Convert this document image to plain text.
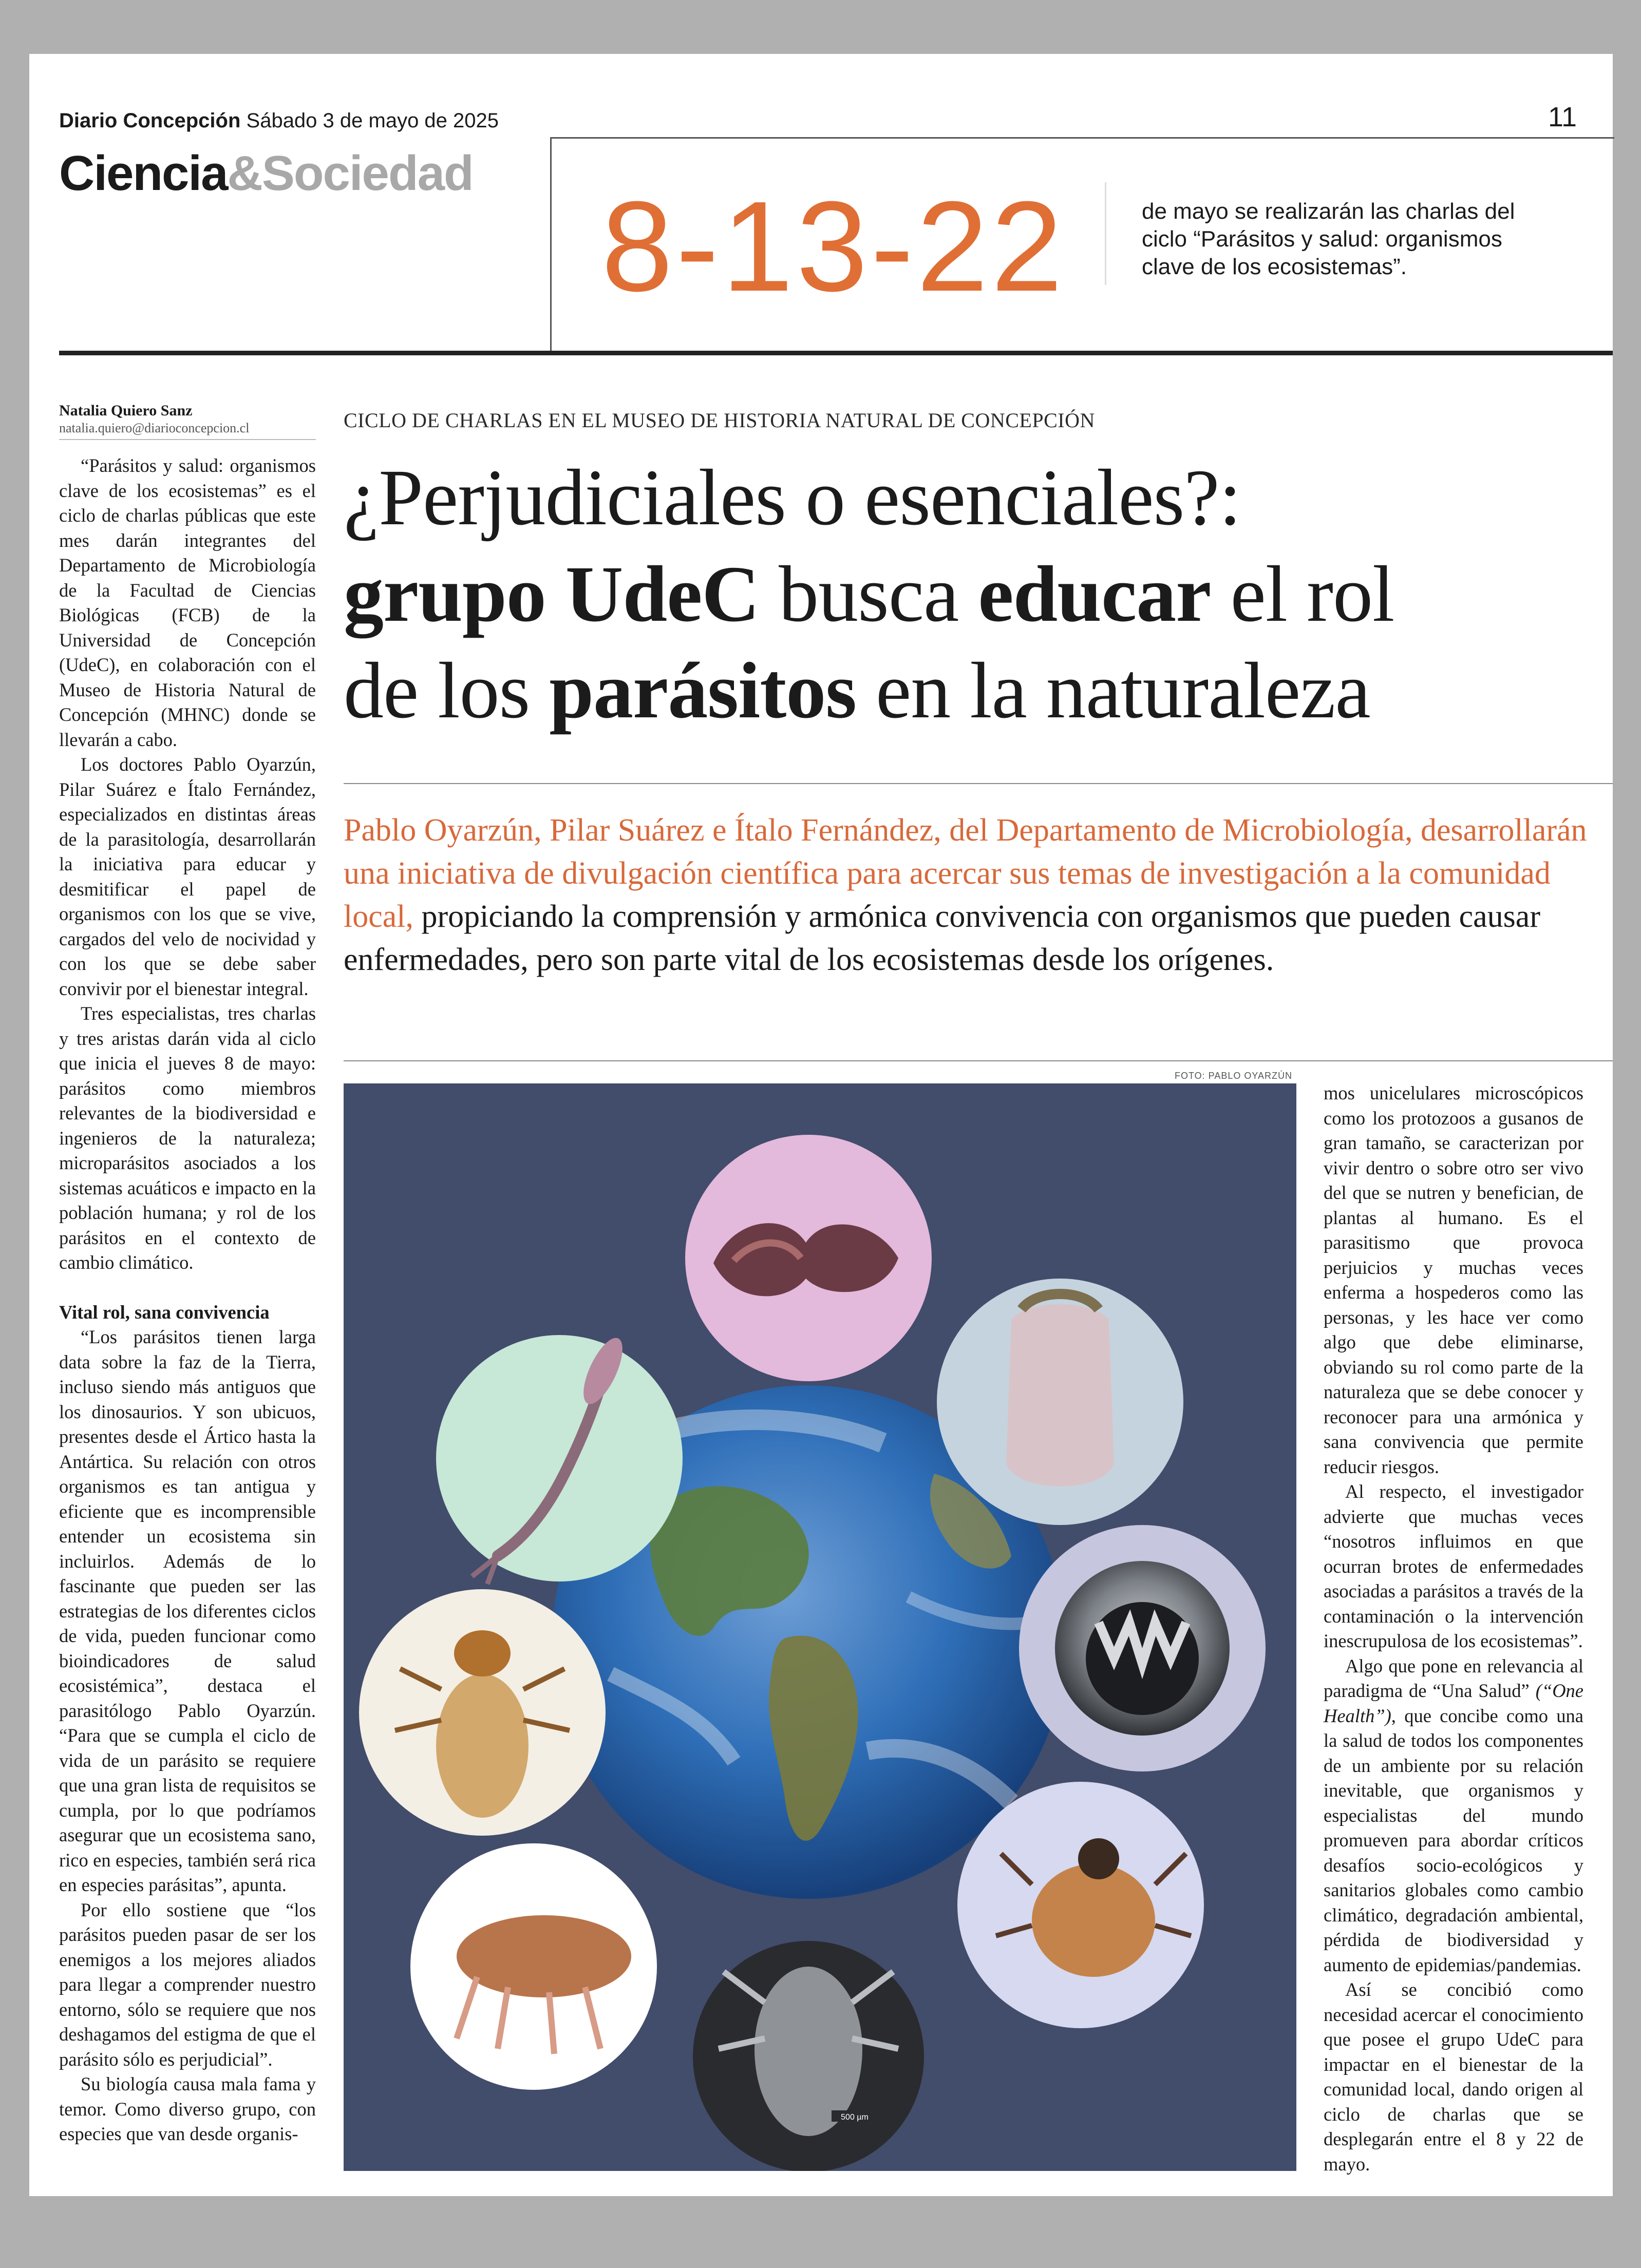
Diario Concepción Sábado 3 de mayo de 2025	11
Ciencia&Sociedad
8-13-22	de mayo se realizarán las charlas del ciclo “Parásitos y salud: organismos clave de los ecosistemas”.
Natalia Quiero Sanz
natalia.quiero@diarioconcepcion.cl

“Parásitos y salud: organismos clave de los ecosistemas” es el ciclo de charlas públicas que este mes darán integrantes del Departamento de Microbiología de la Facultad de Ciencias Biológicas (FCB) de la Universidad de Concepción (UdeC), en colaboración con el Museo de Historia Natural de Concepción (MHNC) donde se llevarán a cabo.

Los doctores Pablo Oyarzún, Pilar Suárez e Ítalo Fernández, especializados en distintas áreas de la parasitología, desarrollarán la iniciativa para educar y desmitificar el papel de organismos con los que se vive, cargados del velo de nocividad y con los que se debe saber convivir por el bienestar integral.

Tres especialistas, tres charlas y tres aristas darán vida al ciclo que inicia el jueves 8 de mayo: parásitos como miembros relevantes de la biodiversidad e ingenieros de la naturaleza; microparásitos asociados a los sistemas acuáticos e impacto en la población humana; y rol de los parásitos en el contexto de cambio climático.

Vital rol, sana convivencia

“Los parásitos tienen larga data sobre la faz de la Tierra, incluso siendo más antiguos que los dinosaurios. Y son ubicuos, presentes desde el Ártico hasta la Antártica. Su relación con otros organismos es tan antigua y eficiente que es incomprensible entender un ecosistema sin incluirlos. Además de lo fascinante que pueden ser las estrategias de los diferentes ciclos de vida, pueden funcionar como bioindicadores de salud ecosistémica”, destaca el parasitólogo Pablo Oyarzún. “Para que se cumpla el ciclo de vida de un parásito se requiere que una gran lista de requisitos se cumpla, por lo que podríamos asegurar que un ecosistema sano, rico en especies, también será rica en especies parásitas”, apunta.

Por ello sostiene que “los parásitos pueden pasar de ser los enemigos a los mejores aliados para llegar a comprender nuestro entorno, sólo se requiere que nos deshagamos del estigma de que el parásito sólo es perjudicial”.

Su biología causa mala fama y temor. Como diverso grupo, con especies que van desde organis-

CICLO DE CHARLAS EN EL MUSEO DE HISTORIA NATURAL DE CONCEPCIÓN
¿Perjudiciales o esenciales?:
grupo UdeC busca educar el rol
de los parásitos en la naturaleza
Pablo Oyarzún, Pilar Suárez e Ítalo Fernández, del Departamento de Microbiología, desarrollarán una iniciativa de divulgación científica para acercar sus temas de investigación a la comunidad local, propiciando la comprensión y armónica convivencia con organismos que pueden causar enfermedades, pero son parte vital de los ecosistemas desde los orígenes.
FOTO: PABLO OYARZÚN
500 µm

mos unicelulares microscópicos como los protozoos a gusanos de gran tamaño, se caracterizan por vivir dentro o sobre otro ser vivo del que se nutren y benefician, de plantas al humano. Es el parasitismo que provoca perjuicios y muchas veces enferma a hospederos como las personas, y les hace ver como algo que debe eliminarse, obviando su rol como parte de la naturaleza que se debe conocer y reconocer para una armónica y sana convivencia que permite reducir riesgos.

Al respecto, el investigador advierte que muchas veces “nosotros influimos en que ocurran brotes de enfermedades asociadas a parásitos a través de la contaminación o la intervención inescrupulosa de los ecosistemas”.

Algo que pone en relevancia al paradigma de “Una Salud” (“One Health”), que concibe como una la salud de todos los componentes de un ambiente por su relación inevitable, que organismos y especialistas del mundo promueven para abordar críticos desafíos socio-ecológicos y sanitarios globales como cambio climático, degradación ambiental, pérdida de biodiversidad y aumento de epidemias/pandemias.

Así se concibió como necesidad acercar el conocimiento que posee el grupo UdeC para impactar en el bienestar de la comunidad local, dando origen al ciclo de charlas que se desplegarán entre el 8 y 22 de mayo.
